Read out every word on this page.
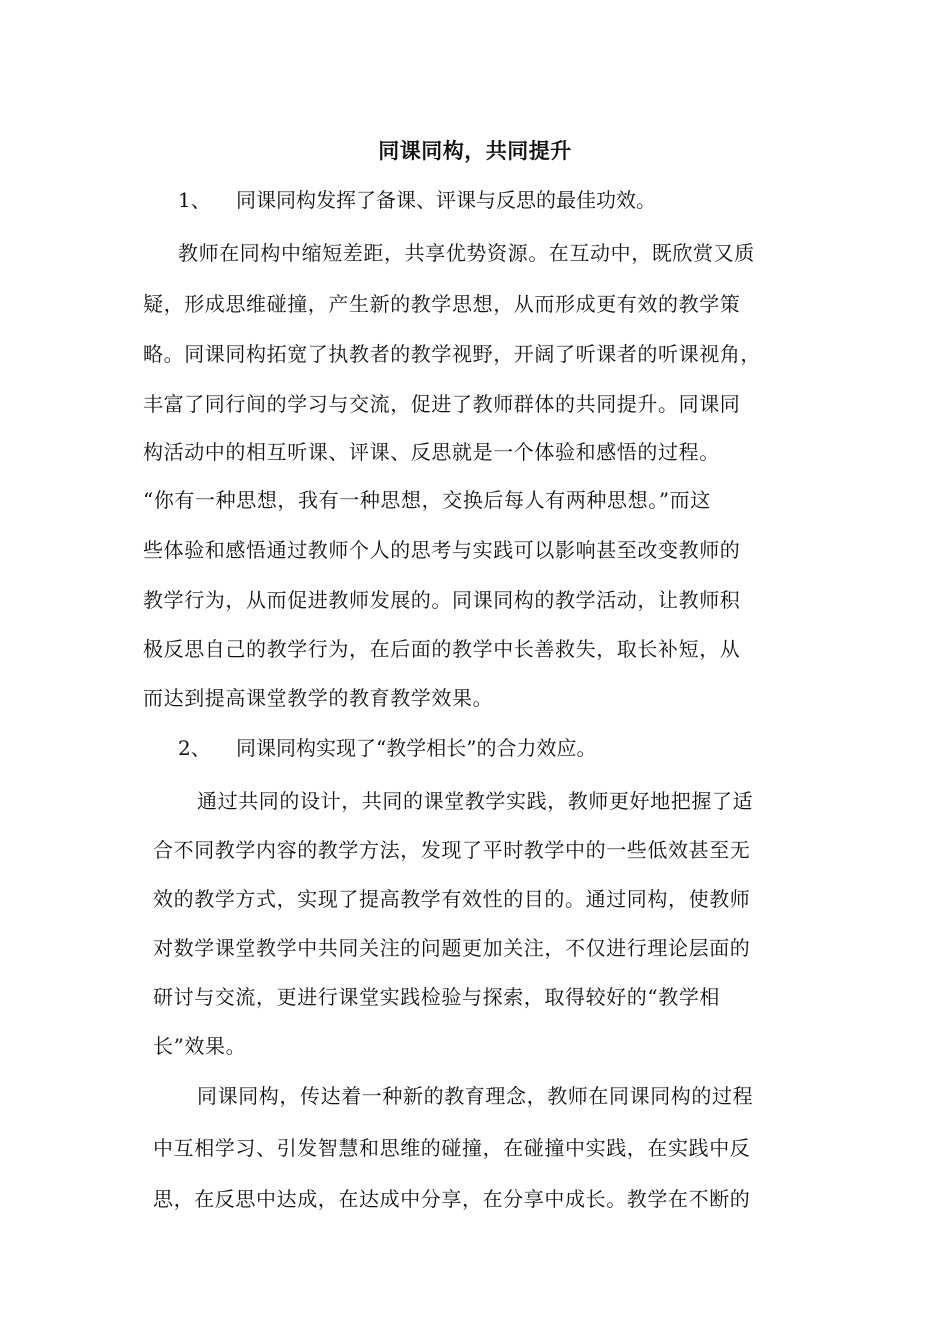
同课同构，共同提升
1、 同课同构发挥了备课、评课与反思的最佳功效。
教师在同构中缩短差距，共享优势资源。在互动中，既欣赏又质
疑，形成思维碰撞，产生新的教学思想，从而形成更有效的教学策
略。同课同构拓宽了执教者的教学视野，开阔了听课者的听课视角，
丰富了同行间的学习与交流，促进了教师群体的共同提升。同课同
构活动中的相互听课、评课、反思就是一个体验和感悟的过程。
“你有一种思想，我有一种思想，交换后每人有两种思想。”而这
些体验和感悟通过教师个人的思考与实践可以影响甚至改变教师的
教学行为，从而促进教师发展的。同课同构的教学活动，让教师积
极反思自己的教学行为，在后面的教学中长善救失，取长补短，从
而达到提高课堂教学的教育教学效果。
2、 同课同构实现了“教学相长”的合力效应。
通过共同的设计，共同的课堂教学实践，教师更好地把握了适
合不同教学内容的教学方法，发现了平时教学中的一些低效甚至无
效的教学方式，实现了提高教学有效性的目的。通过同构，使教师
对数学课堂教学中共同关注的问题更加关注，不仅进行理论层面的
研讨与交流，更进行课堂实践检验与探索，取得较好的“教学相
长”效果。
同课同构，传达着一种新的教育理念，教师在同课同构的过程
中互相学习、引发智慧和思维的碰撞，在碰撞中实践，在实践中反
思，在反思中达成，在达成中分享，在分享中成长。教学在不断的
